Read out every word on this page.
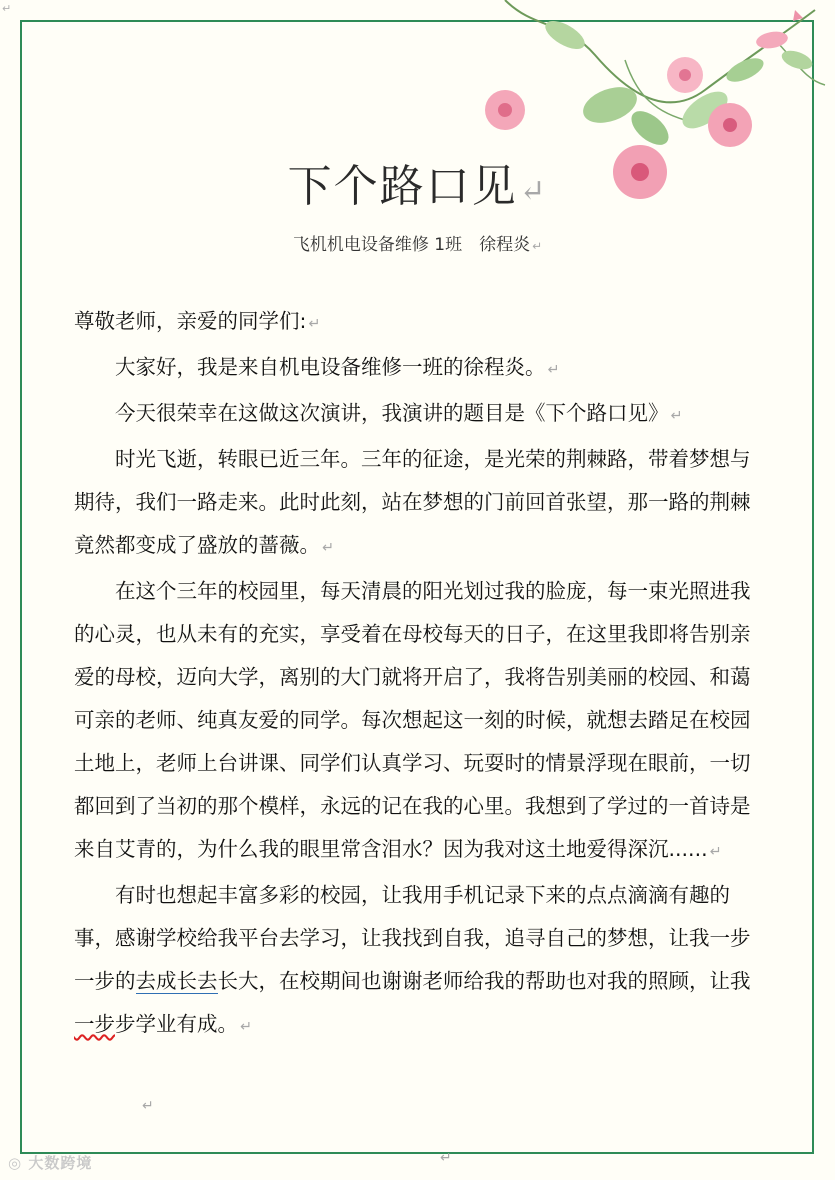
↵
下个路口见↵
飞机机电设备维修 1班　徐程炎 ↵

尊敬老师，亲爱的同学们: ↵

大家好，我是来自机电设备维修一班的徐程炎。 ↵

今天很荣幸在这做这次演讲，我演讲的题目是《下个路口见》 ↵

时光飞逝，转眼已近三年。三年的征途，是光荣的荆棘路，带着梦想与期待，我们一路走来。此时此刻，站在梦想的门前回首张望，那一路的荆棘竟然都变成了盛放的蔷薇。 ↵

在这个三年的校园里，每天清晨的阳光划过我的脸庞，每一束光照进我的心灵，也从未有的充实，享受着在母校每天的日子，在这里我即将告别亲爱的母校，迈向大学，离别的大门就将开启了，我将告别美丽的校园、和蔼可亲的老师、纯真友爱的同学。每次想起这一刻的时候，就想去踏足在校园土地上，老师上台讲课、同学们认真学习、玩耍时的情景浮现在眼前，一切都回到了当初的那个模样，永远的记在我的心里。我想到了学过的一首诗是来自艾青的，为什么我的眼里常含泪水？因为我对这土地爱得深沉...... ↵

有时也想起丰富多彩的校园，让我用手机记录下来的点点滴滴有趣的事，感谢学校给我平台去学习，让我找到自我，追寻自己的梦想，让我一步一步的去成长去长大，在校期间也谢谢老师给我的帮助也对我的照顾，让我一步步学业有成。 ↵

↵
↵
◎ 大数跨境
